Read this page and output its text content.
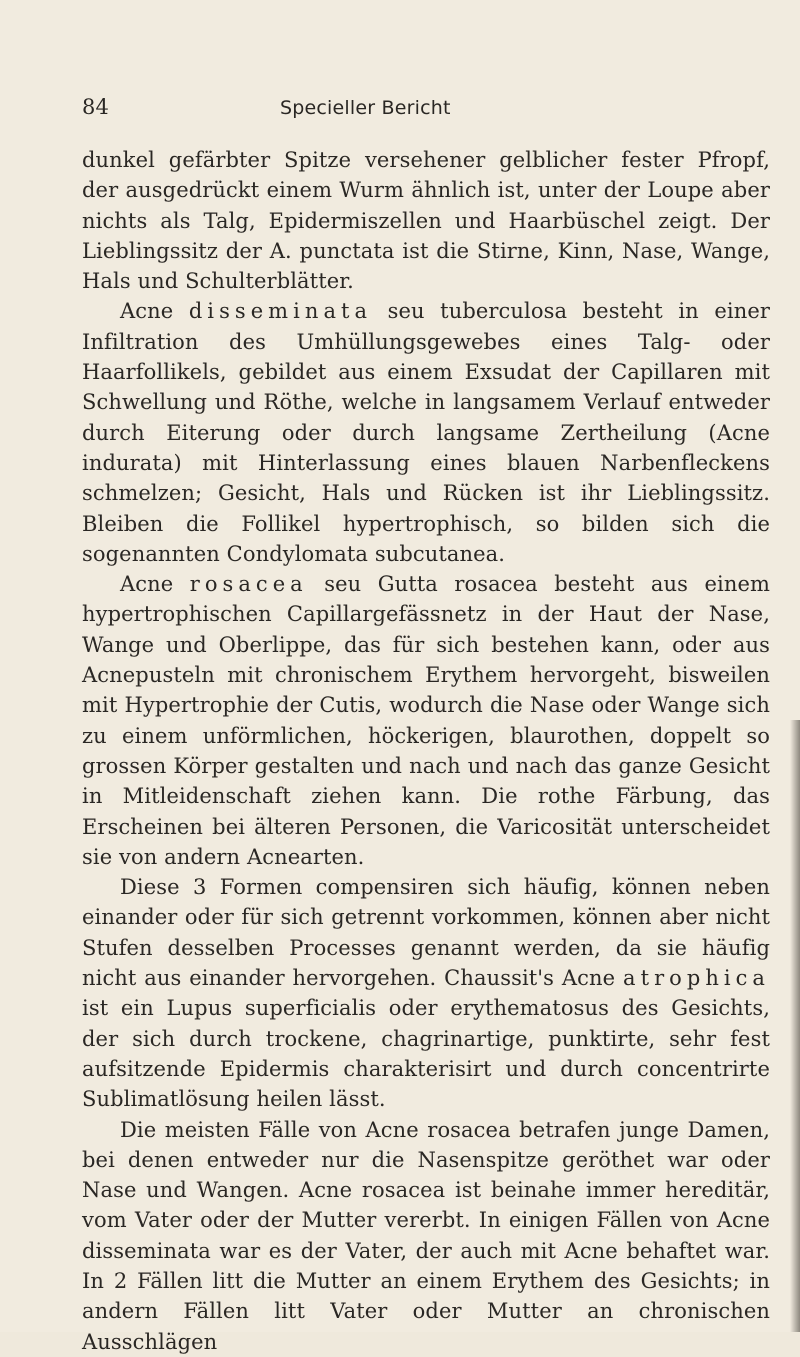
84	Specieller Bericht

dunkel gefärbter Spitze versehener gelblicher fester Pfropf, der ausgedrückt einem Wurm ähnlich ist, unter der Loupe aber nichts als Talg, Epidermiszellen und Haarbüschel zeigt. Der Lieblingssitz der A. punctata ist die Stirne, Kinn, Nase, Wange, Hals und Schulterblätter.

Acne disseminata seu tuberculosa besteht in einer Infiltration des Umhüllungsgewebes eines Talg- oder Haarfollikels, gebildet aus einem Exsudat der Capillaren mit Schwellung und Röthe, welche in langsamem Verlauf entweder durch Eiterung oder durch langsame Zertheilung (Acne indurata) mit Hinterlassung eines blauen Narbenfleckens schmelzen; Gesicht, Hals und Rücken ist ihr Lieblingssitz. Bleiben die Follikel hypertrophisch, so bilden sich die sogenannten Condylomata subcutanea.

Acne rosacea seu Gutta rosacea besteht aus einem hypertrophischen Capillargefässnetz in der Haut der Nase, Wange und Oberlippe, das für sich bestehen kann, oder aus Acnepusteln mit chronischem Erythem hervorgeht, bisweilen mit Hypertrophie der Cutis, wodurch die Nase oder Wange sich zu einem unförmlichen, höckerigen, blaurothen, doppelt so grossen Körper gestalten und nach und nach das ganze Gesicht in Mitleidenschaft ziehen kann. Die rothe Färbung, das Erscheinen bei älteren Personen, die Varicosität unterscheidet sie von andern Acnearten.

Diese 3 Formen compensiren sich häufig, können neben einander oder für sich getrennt vorkommen, können aber nicht Stufen desselben Processes genannt werden, da sie häufig nicht aus einander hervorgehen. Chaussit's Acne atrophica ist ein Lupus superficialis oder erythematosus des Gesichts, der sich durch trockene, chagrinartige, punktirte, sehr fest aufsitzende Epidermis charakterisirt und durch concentrirte Sublimatlösung heilen lässt.

Die meisten Fälle von Acne rosacea betrafen junge Damen, bei denen entweder nur die Nasenspitze geröthet war oder Nase und Wangen. Acne rosacea ist beinahe immer hereditär, vom Vater oder der Mutter vererbt. In einigen Fällen von Acne disseminata war es der Vater, der auch mit Acne behaftet war. In 2 Fällen litt die Mutter an einem Erythem des Gesichts; in andern Fällen litt Vater oder Mutter an chronischen Ausschlägen
